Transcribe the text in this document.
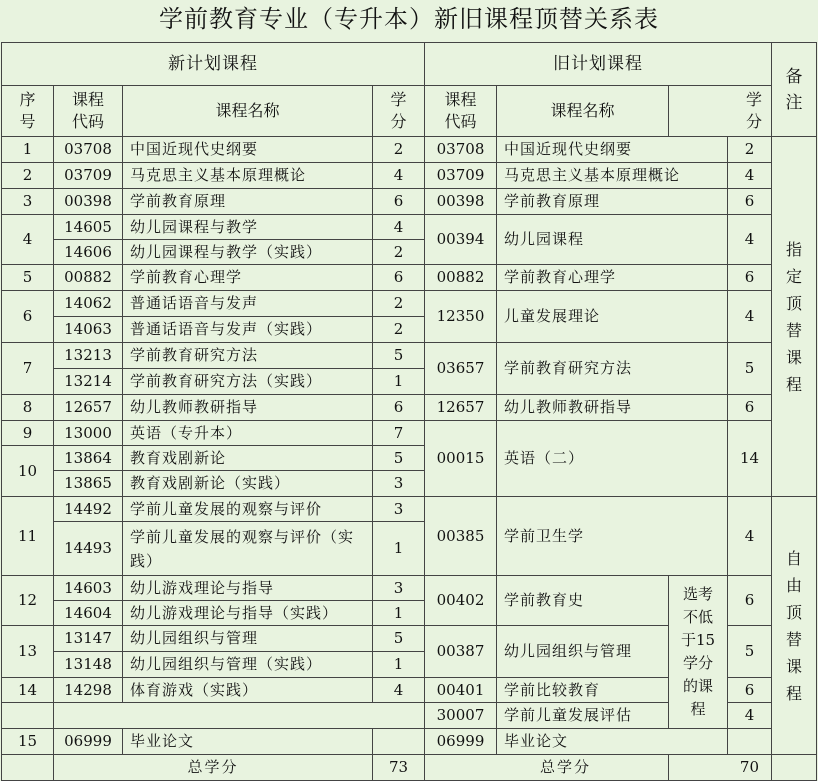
学前教育专业（专升本）新旧课程顶替关系表
新计划课程				旧计划课程				备注

序号	课程代码	课程名称	学分	课程代码	课程名称	学分		

1	03708	中国近现代史纲要	2	03708	中国近现代史纲要		2	指定顶替课程

2	03709	马克思主义基本原理概论	4	03709	马克思主义基本原理概论		4	
3	00398	学前教育原理	6	00398	学前教育原理		6	
4	14605	幼儿园课程与教学	4	00394	幼儿园课程		4	
	14606	幼儿园课程与教学（实践）	2					
5	00882	学前教育心理学	6	00882	学前教育心理学		6	
6	14062	普通话语音与发声	2	12350	儿童发展理论		4	
	14063	普通话语音与发声（实践）	2					
7	13213	学前教育研究方法	5	03657	学前教育研究方法		5	
	13214	学前教育研究方法（实践）	1					
8	12657	幼儿教师教研指导	6	12657	幼儿教师教研指导		6	
9	13000	英语（专升本）	7	00015	英语（二）		14	
10	13864	教育戏剧新论	5					
	13865	教育戏剧新论（实践）	3					
11	14492	学前儿童发展的观察与评价	3	00385	学前卫生学		4	自由顶替课程

	14493	学前儿童发展的观察与评价（实践）	1					
12	14603	幼儿游戏理论与指导	3	00402	学前教育史	选考不低于15学分的课程	6	
	14604	幼儿游戏理论与指导（实践）	1					
13	13147	幼儿园组织与管理	5	00387	幼儿园组织与管理		5	
	13148	幼儿园组织与管理（实践）	1					
14	14298	体育游戏（实践）	4	00401	学前比较教育		6	
				30007	学前儿童发展评估		4	
15	06999	毕业论文		06999	毕业论文			
	总学分		73	总学分		70		
